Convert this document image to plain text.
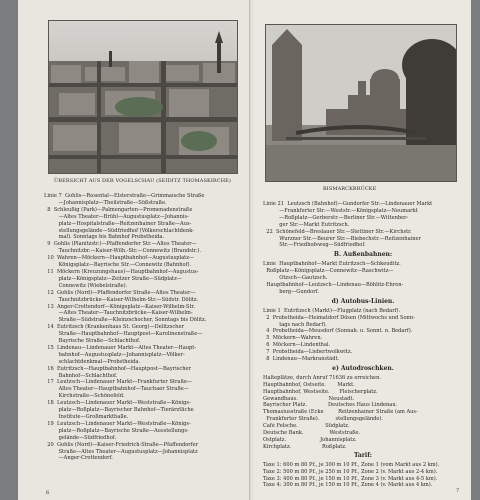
ÜBERSICHT AUS DER VOGELSCHAU (SEIDITZ THOMASKIRCHE)
Linie 7  Gohlis—Rosental—Elsterstraße—Grimmaische Straße
—Johannisplatz—Theilstraße—Süßstraße.
8  Schleußig (Park)—Palmengarten—Promenadenstraße
—Altes Theater—Brühl—Augustusplatz—Johannis-
platz—Hospitalstraße—Reitzenhainer Straße—Aus-
stellungsgelände—Südfriedhof (Völkerschlachtdenk-
mal). Sonntags bis Bahnhof Probstheida.
9  Gohlis (Planitzstr.)—Pfaffendorfer Str.—Altes Theater—
Tauchnitzbr.—Kaiser-Wilh.-Str.—Connewitz (Brandstr.).
10  Wahren—Möckern—Hauptbahnhof—Augustusplatz—
Königsplatz—Bayrische Str.—Connewitz (Bahnhof).
11  Möckern (Kreuzungshaus)—Hauptbahnhof—Augustus-
platz—Königsplatz—Zeitzer Straße—Südplatz—
Connewitz (Wiebelstraße).
12  Gohlis (Nord)—Pfaffendorfer Straße—Altes Theater—
Tauchnitzbrücke—Kaiser-Wilhelm-Str.—Südstr. Dölitz.
13  Anger-Crottendorf—Königsplatz—Kaiser-Wilhelm-Str.
—Altes Theater—Tauchnitzbrücke—Kaiser-Wilhelm-
Straße—Südstraße—Kleinzschocher, Sonntags bis Dölitz.
14  Eutritzsch (Krankenhaus St. Georg)—Delitzscher
Straße—Hauptbahnhof—Hauptpost—Karolinenstraße—
Bayrische Straße—Schlachthof.
15  Lindenau—Lindenauer Markt—Altes Theater—Haupt-
bahnhof—Augustusplatz—Johannisplatz—Völker-
schlachtdenkmal—Probstheida.
16  Eutritzsch—Hauptbahnhof—Hauptpost—Bayrischer
Bahnhof—Schlachthof.
17  Leutzsch—Lindenauer Markt—Frankfurter Straße—
Altes Theater—Hauptbahnhof—Tauchaer Straße—
Kirchstraße—Schönefeld.
18  Leutzsch—Lindenauer Markt—Weststraße—Königs-
platz—Roßplatz—Bayrischer Bahnhof—Tierärztliche
Institute—Großmarkthalle.
19  Leutzsch—Lindenauer Markt—Weststraße—Königs-
platz—Roßplatz—Bayrische Straße—Ausstellungs-
gelände—Südfriedhof.
20  Gohlis (Nord)—Kaiser-Friedrich-Straße—Pfaffendorfer
Straße—Altes Theater—Augustusplatz—Johannisplatz
—Anger-Crottendorf.
6
BISMARCKBRÜCKE
Linie 21  Leutzsch (Bahnhof)—Gundorfer Str.—Lindenauer Markt
—Frankfurter Str.—Weststr.—Königsplatz—Neumarkt
—Roßplatz—Gerberstr.—Berliner Str.—Wittenber-
ger Str.—Markt Eutritzsch.
22  Schönefeld—Breslauer Str.—Stettiner Str.—Kirchstr.
Wurzner Str.—Beurer Str.—Biebechstr.—Reitzenhainer
Str.—Friedhofsweg—Südfriedhof.
B. Außenbahnen:
Linie  Hauptbahnhof—Markt Eutritzsch—Schkeuditz.
Roßplatz—Königsplatz—Connewitz—Raschwitz—
Ötzsch—Gautzsch.
Hauptbahnhof—Leutzsch—Lindenau—Böhlitz-Ehren-
berg—Gundorf.
d) Autobus-Linien.
Linie 1  Eutritzsch (Markt)—Flugplatz (nach Bedarf).
2  Probstheida—Heimatdorf Dösen (Mittwochs und Sonn-
tags nach Bedarf).
4  Probstheida—Meusdorf (Sonnab. u. Sonnt. n. Bedarf).
5  Möckern—Wahren.
6  Möckern—Lindenthal.
7  Probstheida—Liebertwolkwitz.
8  Lindenau—Markranstädt.
e) Autodroschken.
Halteplätze, durch Anruf 71636 zu erreichen.
Hauptbahnhof, Ostseite.       Markt.
Hauptbahnhof, Westseite.      Fleischerplatz.
Gewandhaus.                   Neustadt.
Bayrischer Platz.             Deutsches Haus Lindenau.
Thomasiusstraße (Ecke         Reitzenhainer Straße (am Aus-
Frankfurter Straße).          stellungsgelände).
Café Felsche.                 Südplatz.
Deutsche Bank.                Weststraße.
Ostplatz.                     Johannisplatz.
Kirchplatz.                   Roßplatz.
Tarif:
Taxe 1: 600 m 80 Pf., je 300 m 10 Pf., Zone 1 (vom Markt aus 2 km).
Taxe 2: 500 m 80 Pf., je 250 m 10 Pf., Zone 2 (v. Markt aus 2-4 km).
Taxe 3: 400 m 80 Pf., je 150 m 10 Pf., Zone 3 (v. Markt aus 4-5 km).
Taxe 4: 300 m 80 Pf., je 150 m 10 Pf., Zone 4 (v. Markt aus 4 km).
7
